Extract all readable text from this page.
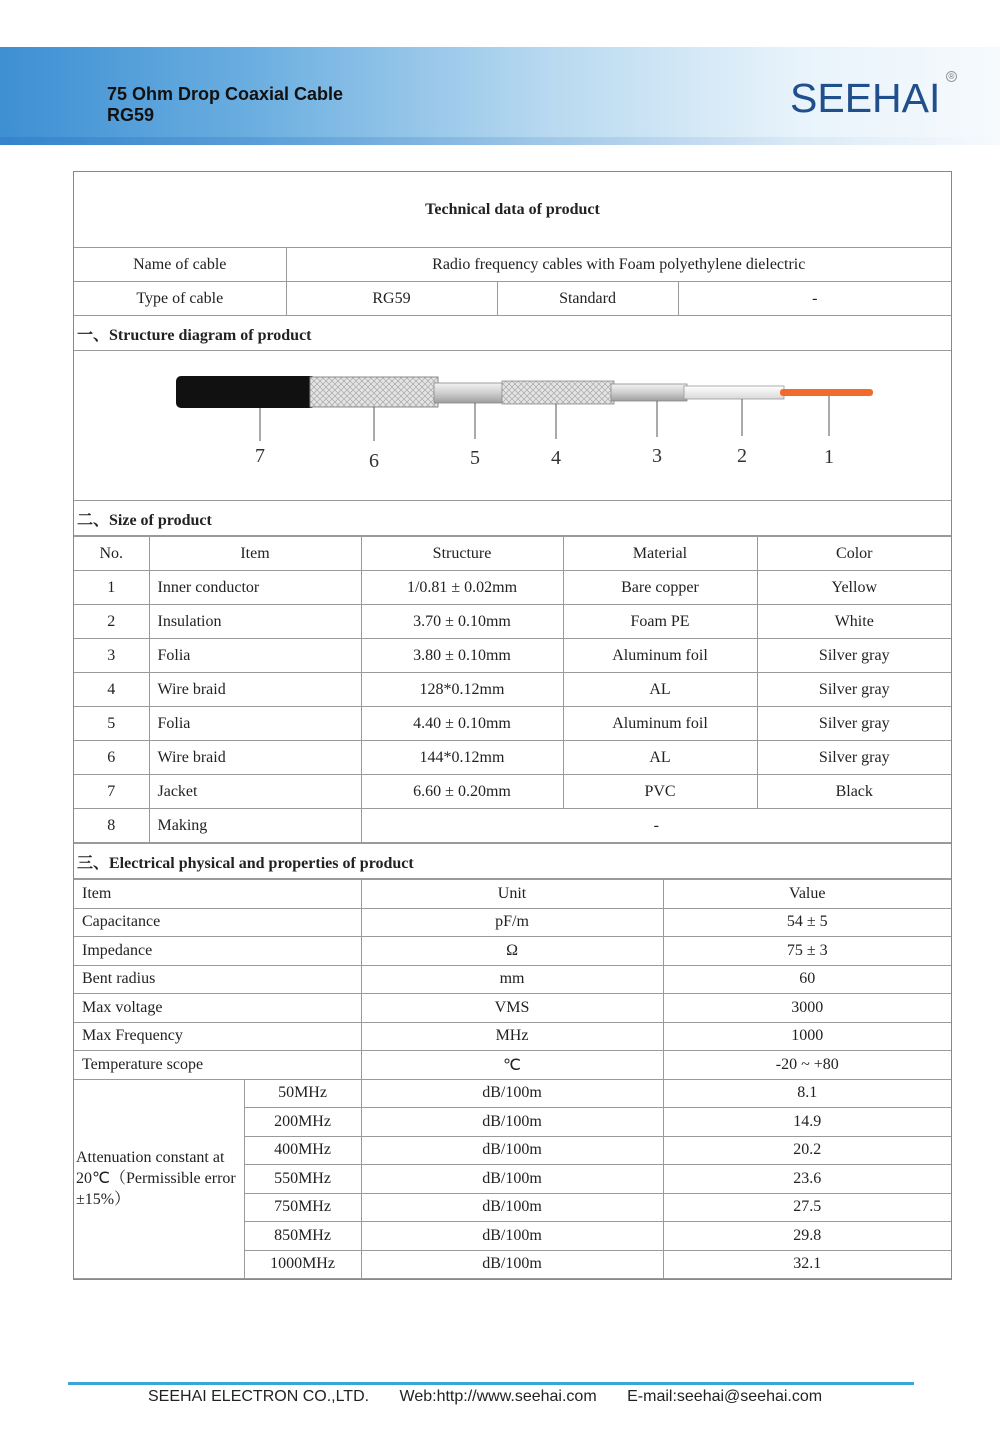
75 Ohm Drop Coaxial Cable
RG59	SEEHAI	®
Technical data of product			
Name of cable	Radio frequency cables with Foam polyethylene dielectric		
Type of cable	RG59	Standard	-
一、Structure diagram of product			

7	6	5	4	3	2	1

二、Size of product			
No.	Item	Structure	Material	Color
1	Inner conductor	1/0.81 ± 0.02mm	Bare copper	Yellow
2	Insulation	3.70 ± 0.10mm	Foam PE	White
3	Folia	3.80 ± 0.10mm	Aluminum foil	Silver gray
4	Wire braid	128*0.12mm	AL	Silver gray
5	Folia	4.40 ± 0.10mm	Aluminum foil	Silver gray
6	Wire braid	144*0.12mm	AL	Silver gray
7	Jacket	6.60 ± 0.20mm	PVC	Black
8	Making	-		
三、Electrical physical and properties of product
Item		Unit	Value
Capacitance		pF/m	54 ± 5
Impedance		Ω	75 ± 3
Bent radius		mm	60
Max voltage		VMS	3000
Max Frequency		MHz	1000
Temperature scope		℃	-20 ~ +80
Attenuation constant at 20℃（Permissible error ±15%）	50MHz	dB/100m	8.1
	200MHz	dB/100m	14.9
	400MHz	dB/100m	20.2
	550MHz	dB/100m	23.6
	750MHz	dB/100m	27.5
	850MHz	dB/100m	29.8
	1000MHz	dB/100m	32.1
SEEHAI ELECTRON CO.,LTD. Web:http://www.seehai.com E-mail:seehai@seehai.com
